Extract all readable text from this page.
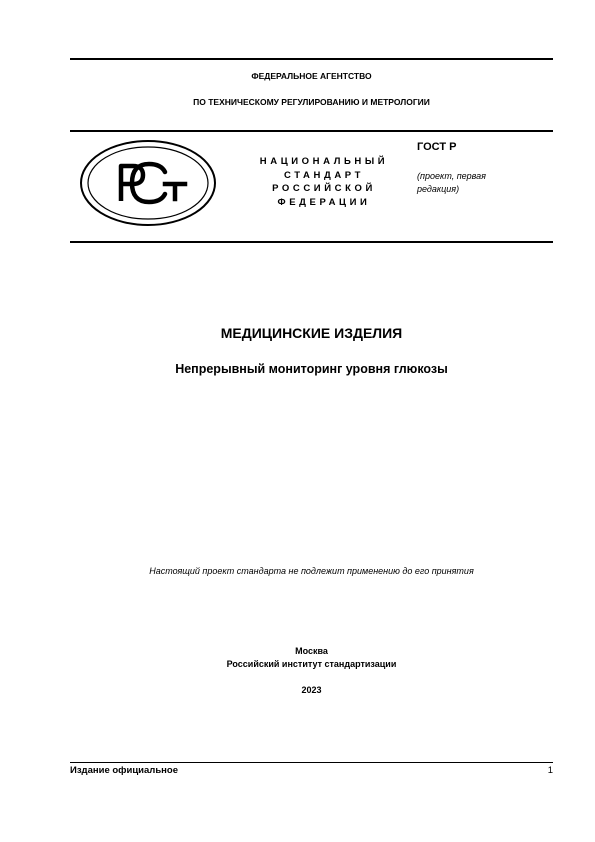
ФЕДЕРАЛЬНОЕ АГЕНТСТВО
ПО ТЕХНИЧЕСКОМУ РЕГУЛИРОВАНИЮ И МЕТРОЛОГИИ
НАЦИОНАЛЬНЫЙ
СТАНДАРТ
РОССИЙСКОЙ
ФЕДЕРАЦИИ
ГОСТ Р
(проект, первая
редакция)
МЕДИЦИНСКИЕ ИЗДЕЛИЯ
Непрерывный мониторинг уровня глюкозы
Настоящий проект стандарта не подлежит применению до его принятия
Москва
Российский институт стандартизации
2023
Издание официальное	1
